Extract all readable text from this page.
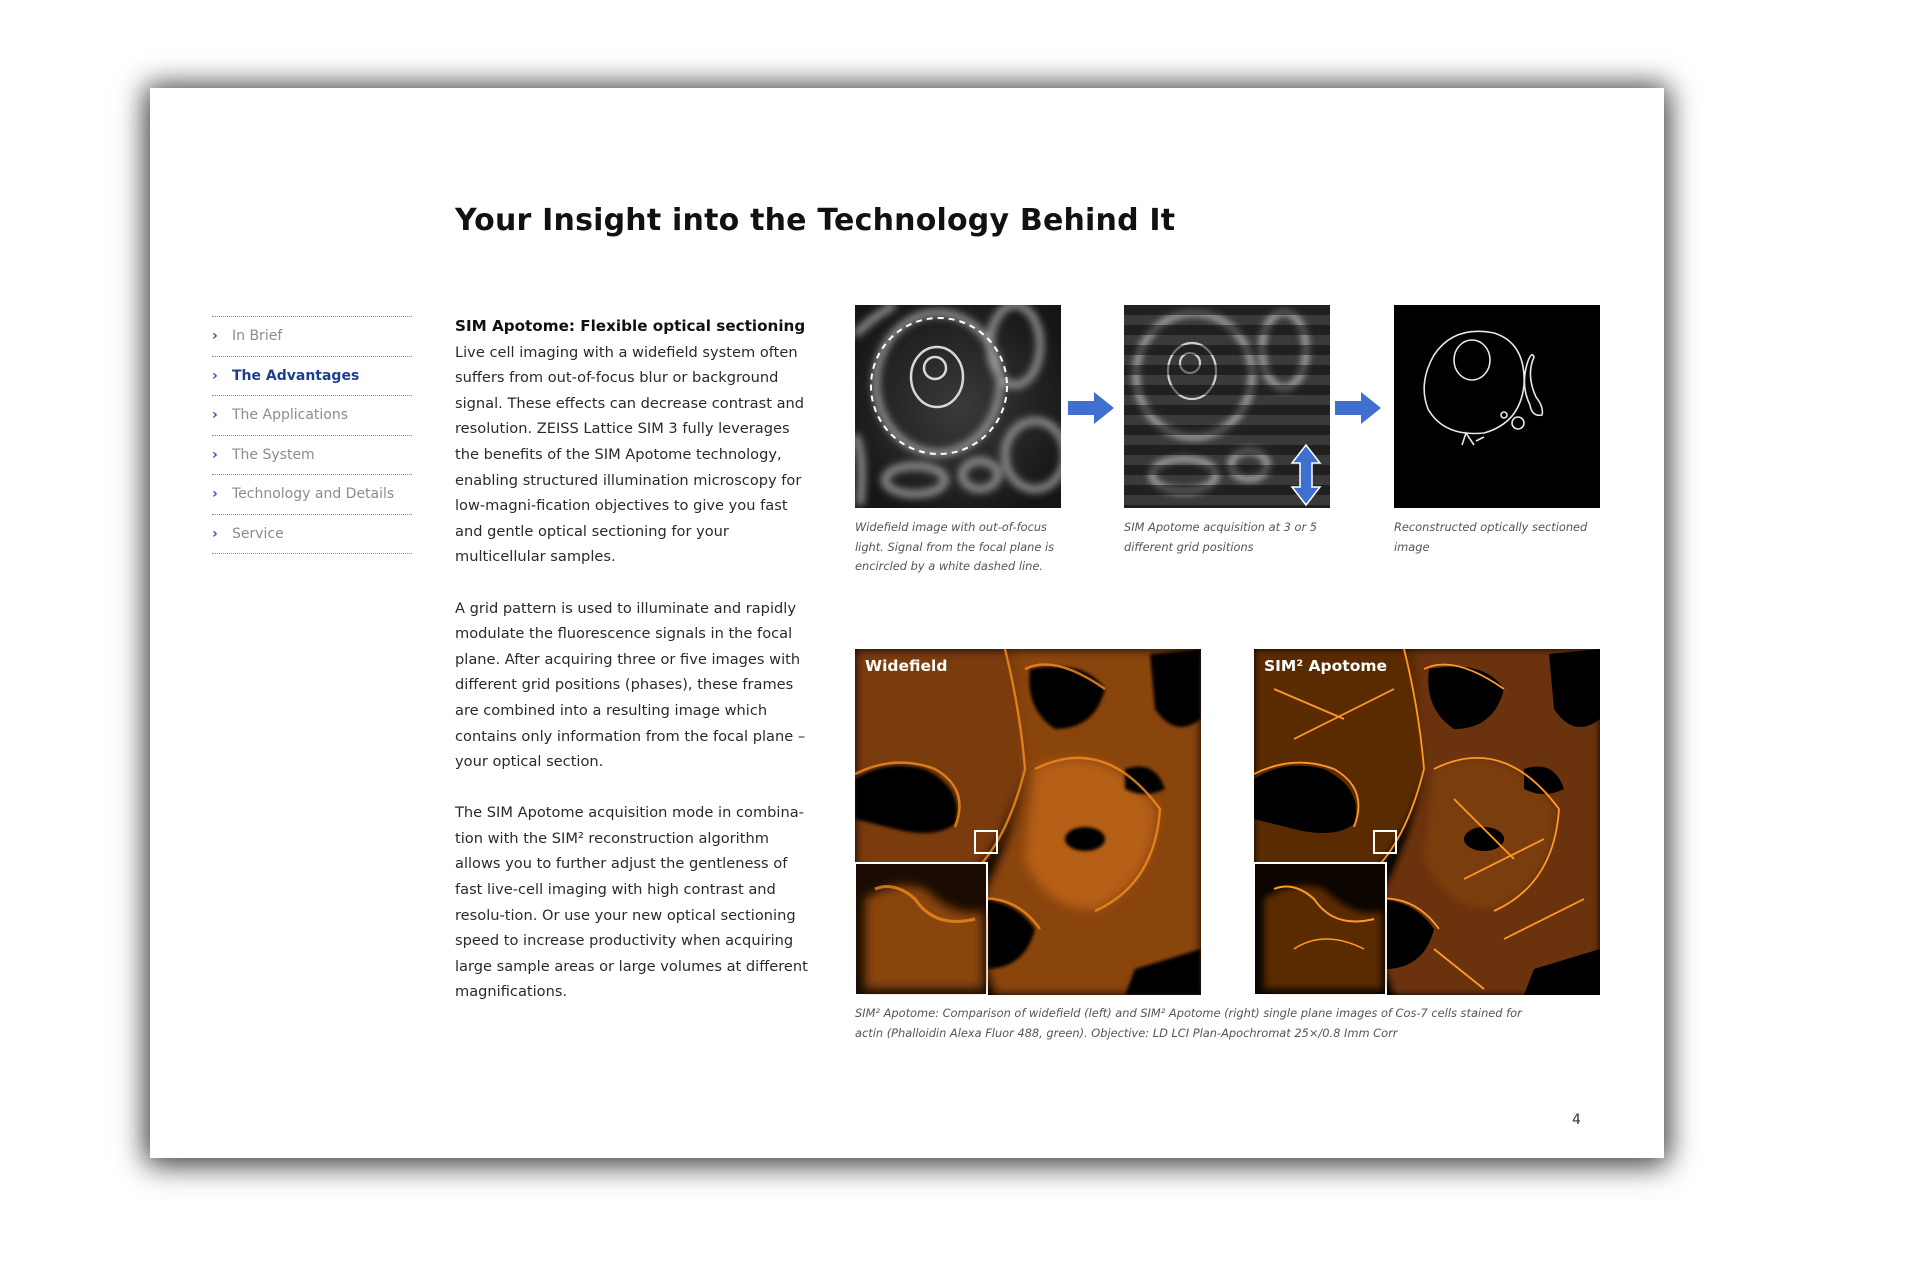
Your Insight into the Technology Behind It
›	In Brief
›	The Advantages
›	The Applications
›	The System
›	Technology and Details
›	Service
SIM Apotome: Flexible optical sectioning

Live cell imaging with a widefield system often suffers from out-of-focus blur or background signal. These effects can decrease contrast and resolution. ZEISS Lattice SIM 3 fully leverages the benefits of the SIM Apotome technology, enabling structured illumination microscopy for low-magni-fication objectives to give you fast and gentle optical sectioning for your multicellular samples.

A grid pattern is used to illuminate and rapidly modulate the fluorescence signals in the focal plane. After acquiring three or five images with different grid positions (phases), these frames are combined into a resulting image which contains only information from the focal plane – your optical section.

The SIM Apotome acquisition mode in combina-tion with the SIM² reconstruction algorithm allows you to further adjust the gentleness of fast live-cell imaging with high contrast and resolu-tion. Or use your new optical sectioning speed to increase productivity when acquiring large sample areas or large volumes at different magnifications.

Widefield image with out-of-focus light. Signal from the focal plane is encircled by a white dashed line.
SIM Apotome acquisition at 3 or 5 different grid positions
Reconstructed optically sectioned image
Widefield	SIM² Apotome
SIM² Apotome: Comparison of widefield (left) and SIM² Apotome (right) single plane images of Cos-7 cells stained for actin (Phalloidin Alexa Fluor 488, green). Objective: LD LCI Plan-Apochromat 25×/0.8 Imm Corr
4
